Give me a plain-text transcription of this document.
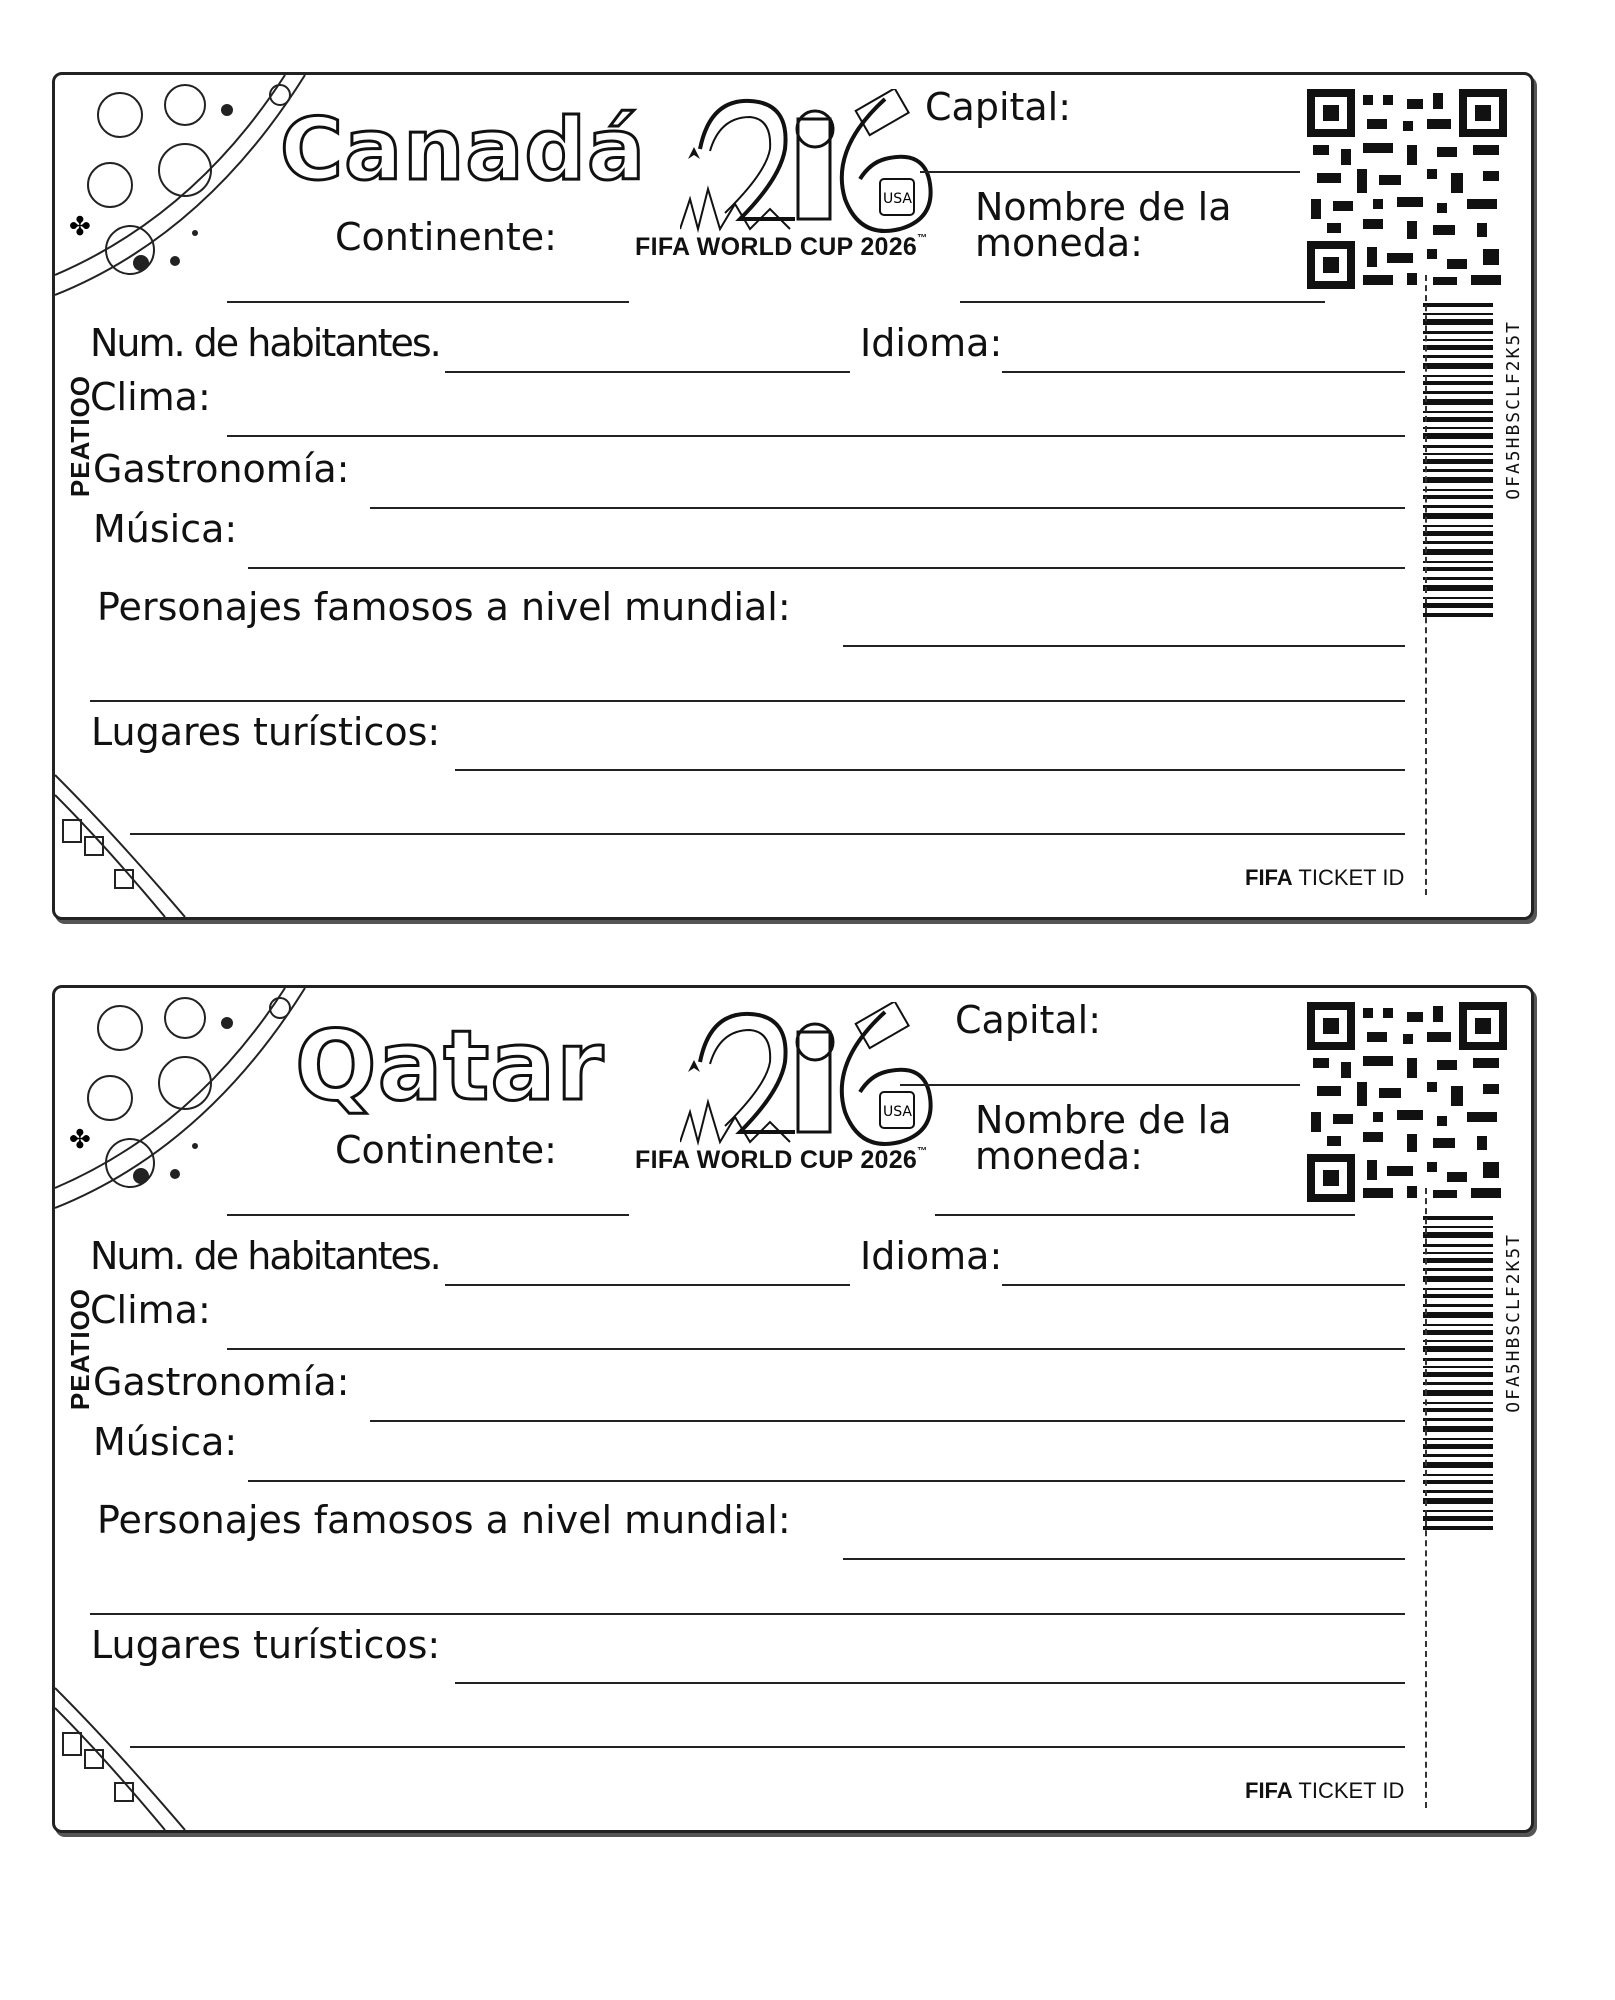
✤
Canadá	USA
FIFA WORLD CUP 2026™
Capital:
Nombre de la
moneda:
Continente:
OFA5HBSCLF2K5T
PEATIOO
Num. de habitantes.	Idioma:
Clima:
Gastronomía:
Música:
Personajes famosos a nivel mundial:
Lugares turísticos:
FIFA TICKET ID
✤
Qatar	USA
FIFA WORLD CUP 2026™
Capital:
Nombre de la
moneda:
Continente:
OFA5HBSCLF2K5T
PEATIOO
Num. de habitantes.	Idioma:
Clima:
Gastronomía:
Música:
Personajes famosos a nivel mundial:
Lugares turísticos:
FIFA TICKET ID
